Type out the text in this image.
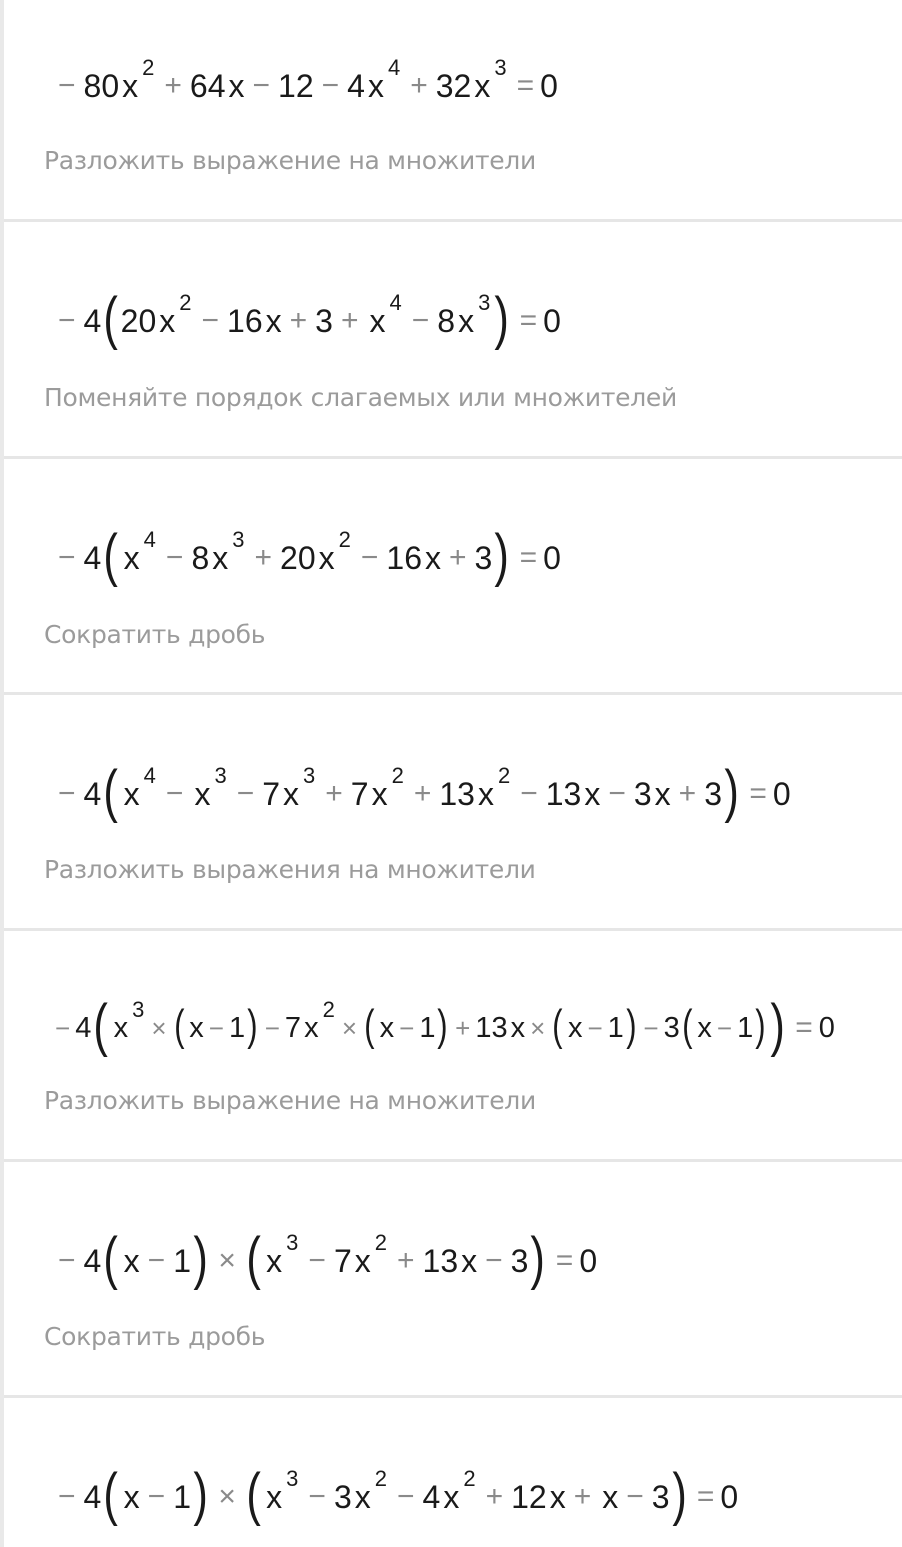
− 80 x
2
+ 64 x − 12 − 4 x
4
+ 32 x
3
= 0
Разложить выражение на множители
− 4 ( 20 x
2
− 16 x + 3 + x
4
− 8 x
3 ) = 0
Поменяйте порядок слагаемых или множителей
− 4 ( x
4
− 8 x
3
+ 20 x
2
− 16 x + 3 ) = 0
Сократить дробь
− 4 ( x
4
− x
3
− 7 x
3
+ 7 x
2
+ 13 x
2
− 13 x − 3 x + 3 ) = 0
Разложить выражения на множители
− 4 ( x
3
× ( x − 1 ) − 7 x
2
× ( x − 1 ) + 13 x × ( x − 1 ) − 3 ( x − 1 ) ) = 0
Разложить выражение на множители
− 4 ( x − 1 ) × ( x
3
− 7 x
2
+ 13 x − 3 ) = 0
Сократить дробь
− 4 ( x − 1 ) × ( x
3
− 3 x
2
− 4 x
2
+ 12 x + x − 3 ) = 0
